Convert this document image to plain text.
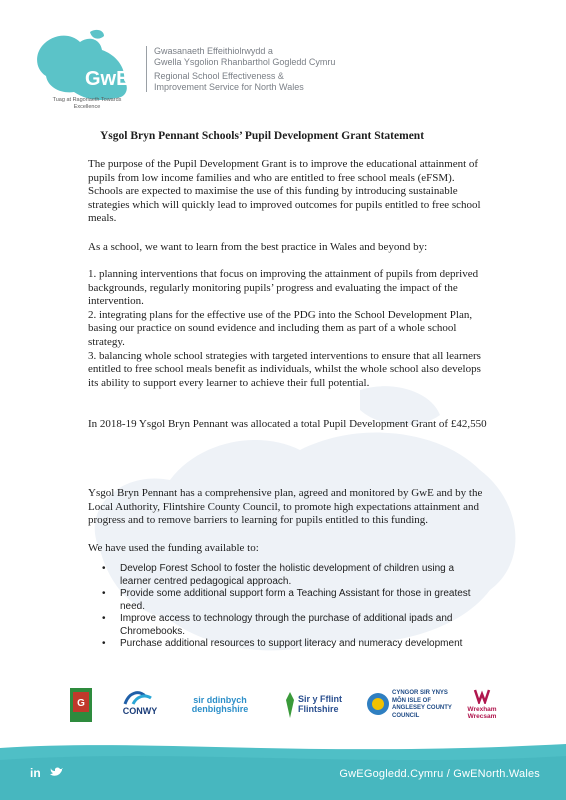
GwE
Tuag at Ragoriaeth Towards Excellence
Gwasanaeth Effeithiolrwydd a
Gwella Ysgolion Rhanbarthol Gogledd Cymru
Regional School Effectiveness &
Improvement Service for North Wales
Ysgol Bryn Pennant Schools’ Pupil Development Grant Statement

The purpose of the Pupil Development Grant is to improve the educational attainment of pupils from low income families and who are entitled to free school meals (eFSM). Schools are expected to maximise the use of this funding by introducing sustainable strategies which will quickly lead to improved outcomes for pupils entitled to free school meals.

As a school, we want to learn from the best practice in Wales and beyond by:

1. planning interventions that focus on improving the attainment of pupils from deprived backgrounds, regularly monitoring pupils’ progress and evaluating the impact of the intervention.
2. integrating plans for the effective use of the PDG into the School Development Plan, basing our practice on sound evidence and including them as part of a whole school strategy.
3. balancing whole school strategies with targeted interventions to ensure that all learners entitled to free school meals benefit as individuals, whilst the whole school also develops its ability to support every learner to achieve their full potential.

In 2018-19 Ysgol Bryn Pennant was allocated a total Pupil Development Grant of £42,550

Ysgol Bryn Pennant has a comprehensive plan, agreed and monitored by GwE and by the Local Authority, Flintshire County Council, to promote high expectations attainment and progress and to remove barriers to learning for pupils entitled to this funding.

We have used the funding available to:

• Develop Forest School to foster the holistic development of children using a learner centred pedagogical approach.
• Provide some additional support form a Teaching Assistant for those in greatest need.
• Improve access to technology through the purchase of additional ipads and Chromebooks.
• Purchase additional resources to support literacy and numeracy development
G
CONWY
sir ddinbych denbighshire
Sir y Fflint Flintshire
CYNGOR SIR YNYS MÔN ISLE OF ANGLESEY COUNTY COUNCIL
Wrexham Wrecsam
in	GwEGogledd.Cymru / GwENorth.Wales
